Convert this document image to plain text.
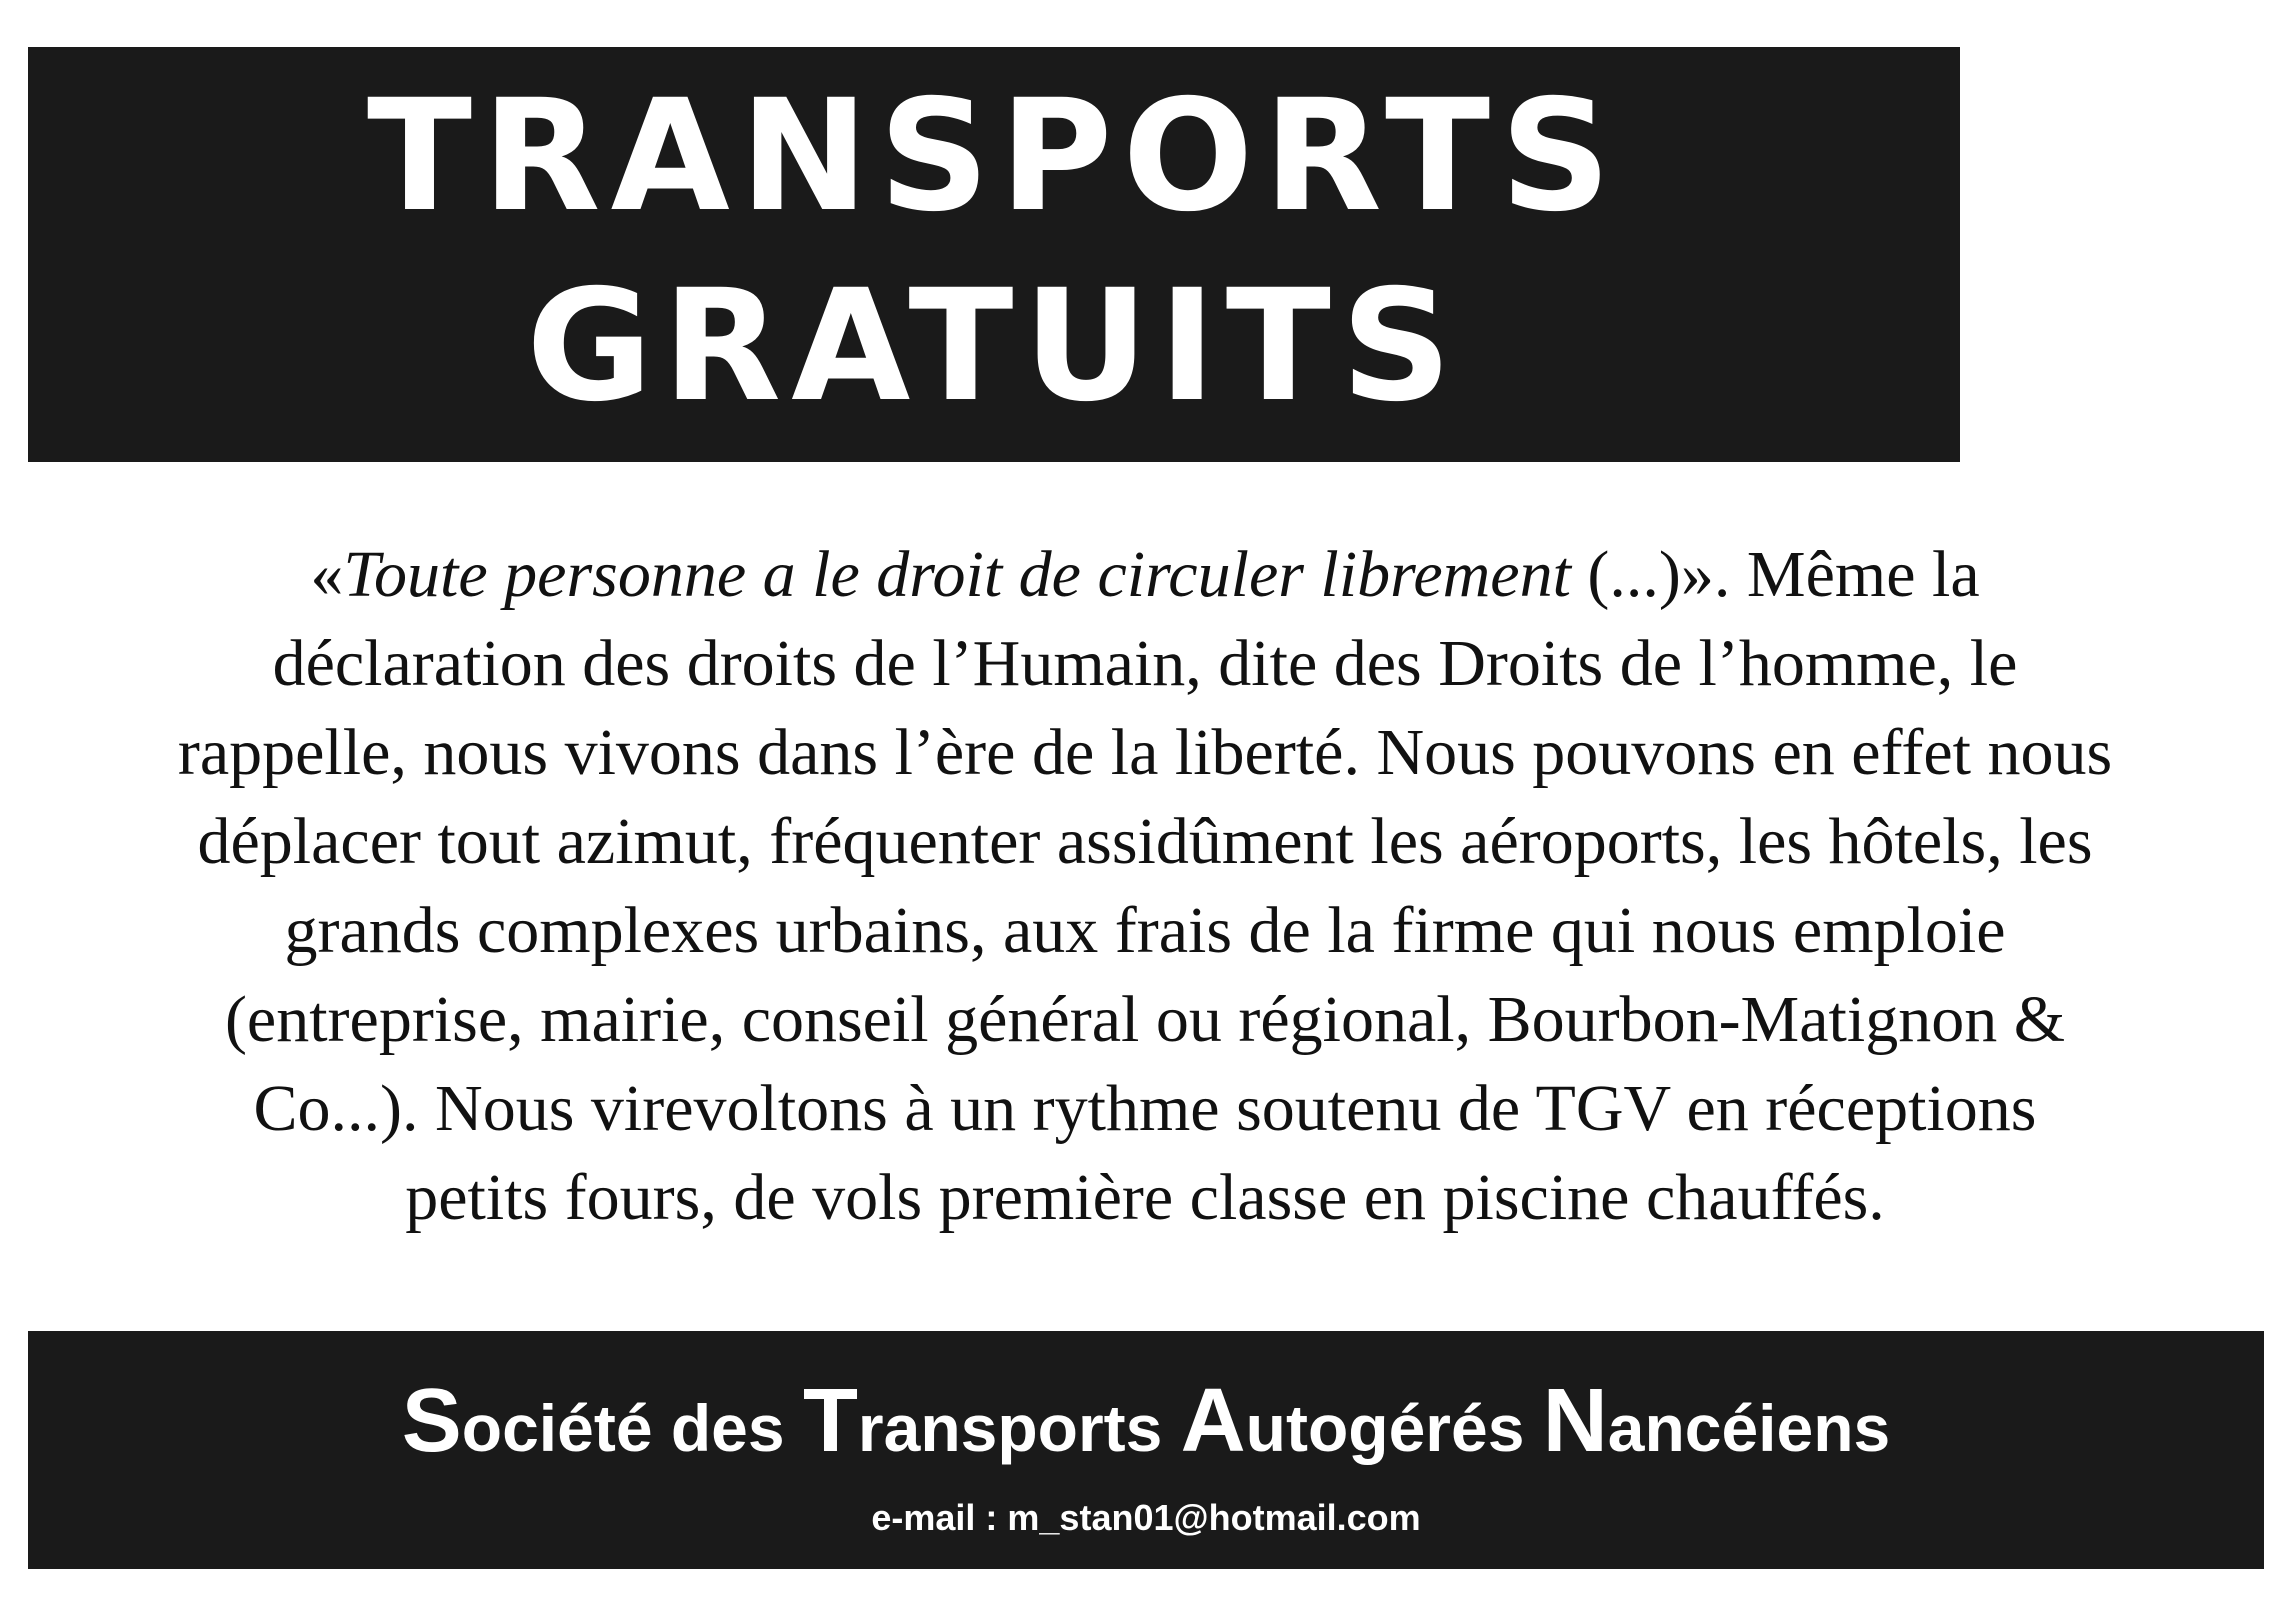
TRANSPORTS
GRATUITS
«Toute personne a le droit de circuler librement (...)». Même la
déclaration des droits de l’Humain, dite des Droits de l’homme, le
rappelle, nous vivons dans l’ère de la liberté. Nous pouvons en effet nous
déplacer tout azimut, fréquenter assidûment les aéroports, les hôtels, les
grands complexes urbains, aux frais de la firme qui nous emploie
(entreprise, mairie, conseil général ou régional, Bourbon-Matignon &
Co...). Nous virevoltons à un rythme soutenu de TGV en réceptions
petits fours, de vols première classe en piscine chauffés.
Société des Transports Autogérés Nancéiens
e-mail : m_stan01@hotmail.com
